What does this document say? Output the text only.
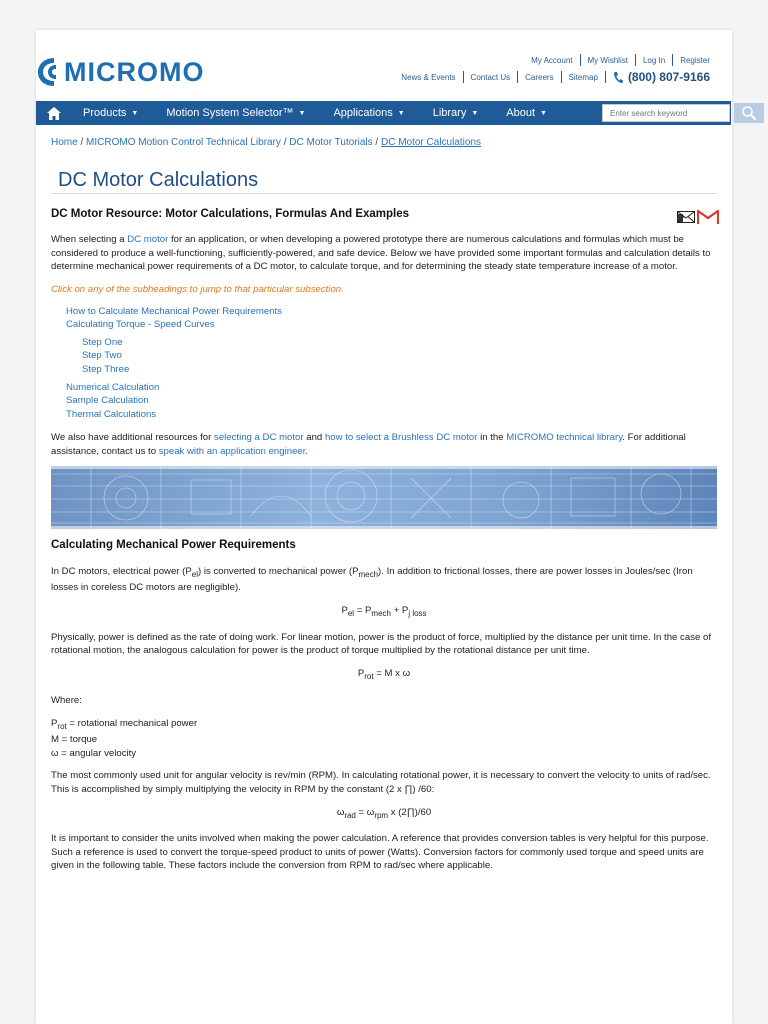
MICROMO	My Account My Wishlist Log In Register
News & Events Contact Us Careers Sitemap	(800) 807-9166
Products ▼	Motion System Selector™ ▼	Applications ▼	Library ▼	About ▼
Enter search keyword
Home / MICROMO Motion Control Technical Library / DC Motor Tutorials / DC Motor Calculations
DC Motor Calculations
DC Motor Resource: Motor Calculations, Formulas And Examples

When selecting a DC motor for an application, or when developing a powered prototype there are numerous calculations and formulas which must be considered to produce a well-functioning, sufficiently-powered, and safe device. Below we have provided some important formulas and calculation details to determine mechanical power requirements of a DC motor, to calculate torque, and for determining the steady state temperature increase of a motor.

Click on any of the subheadings to jump to that particular subsection.

How to Calculate Mechanical Power Requirements
Calculating Torque - Speed Curves
Step One
Step Two
Step Three
Numerical Calculation
Sample Calculation
Thermal Calculations

We also have additional resources for selecting a DC motor and how to select a Brushless DC motor in the MICROMO technical library. For additional assistance, contact us to speak with an application engineer.

Calculating Mechanical Power Requirements

In DC motors, electrical power $(P_{el})$ is converted to mechanical power $(P_{mech})$. In addition to frictional losses, there are power losses in Joules/sec (Iron losses in coreless DC motors are negligible).

$P_{el} = P_{mech} + P_{j loss}$

Physically, power is defined as the rate of doing work. For linear motion, power is the product of force, multiplied by the distance per unit time. In the case of rotational motion, the analogous calculation for power is the product of torque multiplied by the rotational distance per unit time.

$P_{rot} = M$ x ω

Where:

$P_{rot}$ = rotational mechanical power
M = torque
ω = angular velocity

The most commonly used unit for angular velocity is rev/min (RPM). In calculating rotational power, it is necessary to convert the velocity to units of rad/sec. This is accomplished by simply multiplying the velocity in RPM by the constant (2 x ∏) /60:

$\omega_{rad} = \omega_{rpm}$ x (2∏)/60

It is important to consider the units involved when making the power calculation. A reference that provides conversion tables is very helpful for this purpose. Such a reference is used to convert the torque-speed product to units of power (Watts). Conversion factors for commonly used torque and speed units are given in the following table. These factors include the conversion from RPM to rad/sec where applicable.
